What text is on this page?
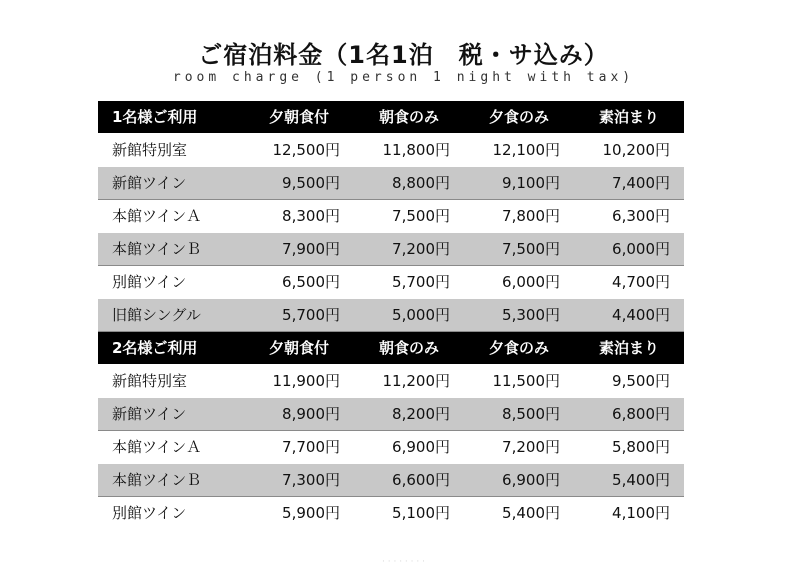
ご宿泊料金（1名1泊　税・サ込み）
room charge (1 person 1 night with tax)
1名様ご利用	夕朝食付	朝食のみ	夕食のみ	素泊まり
新館特別室	12,500円	11,800円	12,100円	10,200円
新館ツイン	9,500円	8,800円	9,100円	7,400円
本館ツインＡ	8,300円	7,500円	7,800円	6,300円
本館ツインＢ	7,900円	7,200円	7,500円	6,000円
別館ツイン	6,500円	5,700円	6,000円	4,700円
旧館シングル	5,700円	5,000円	5,300円	4,400円
2名様ご利用	夕朝食付	朝食のみ	夕食のみ	素泊まり
新館特別室	11,900円	11,200円	11,500円	9,500円
新館ツイン	8,900円	8,200円	8,500円	6,800円
本館ツインＡ	7,700円	6,900円	7,200円	5,800円
本館ツインＢ	7,300円	6,600円	6,900円	5,400円
別館ツイン	5,900円	5,100円	5,400円	4,100円
· · · · · · · ·
